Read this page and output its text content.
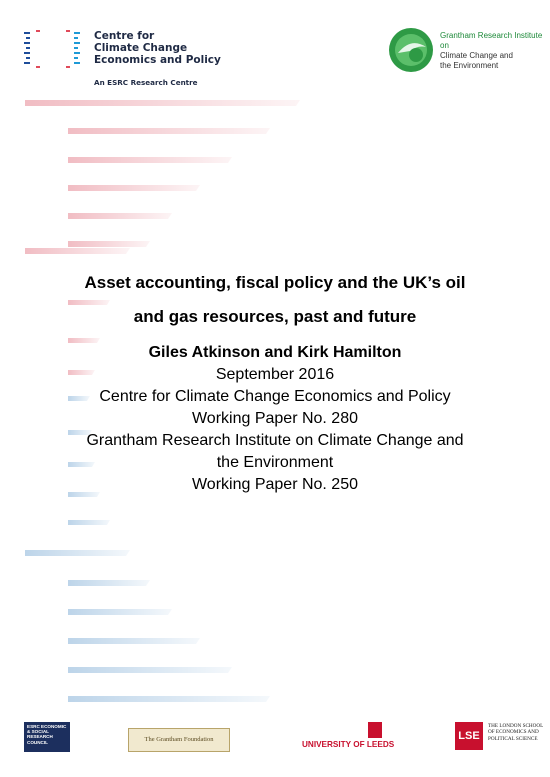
Centre for
Climate Change
Economics and Policy
An ESRC Research Centre
Grantham Research Institute on
Climate Change and
the Environment
Asset accounting, fiscal policy and the UK’s oil
and gas resources, past and future
Giles Atkinson and Kirk Hamilton
September 2016
Centre for Climate Change Economics and Policy
Working Paper No. 280
Grantham Research Institute on Climate Change and
the Environment
Working Paper No. 250
ESRC ECONOMIC & SOCIAL RESEARCH COUNCIL	The Grantham Foundation
UNIVERSITY OF LEEDS
LSE
THE LONDON SCHOOL OF ECONOMICS AND POLITICAL SCIENCE
